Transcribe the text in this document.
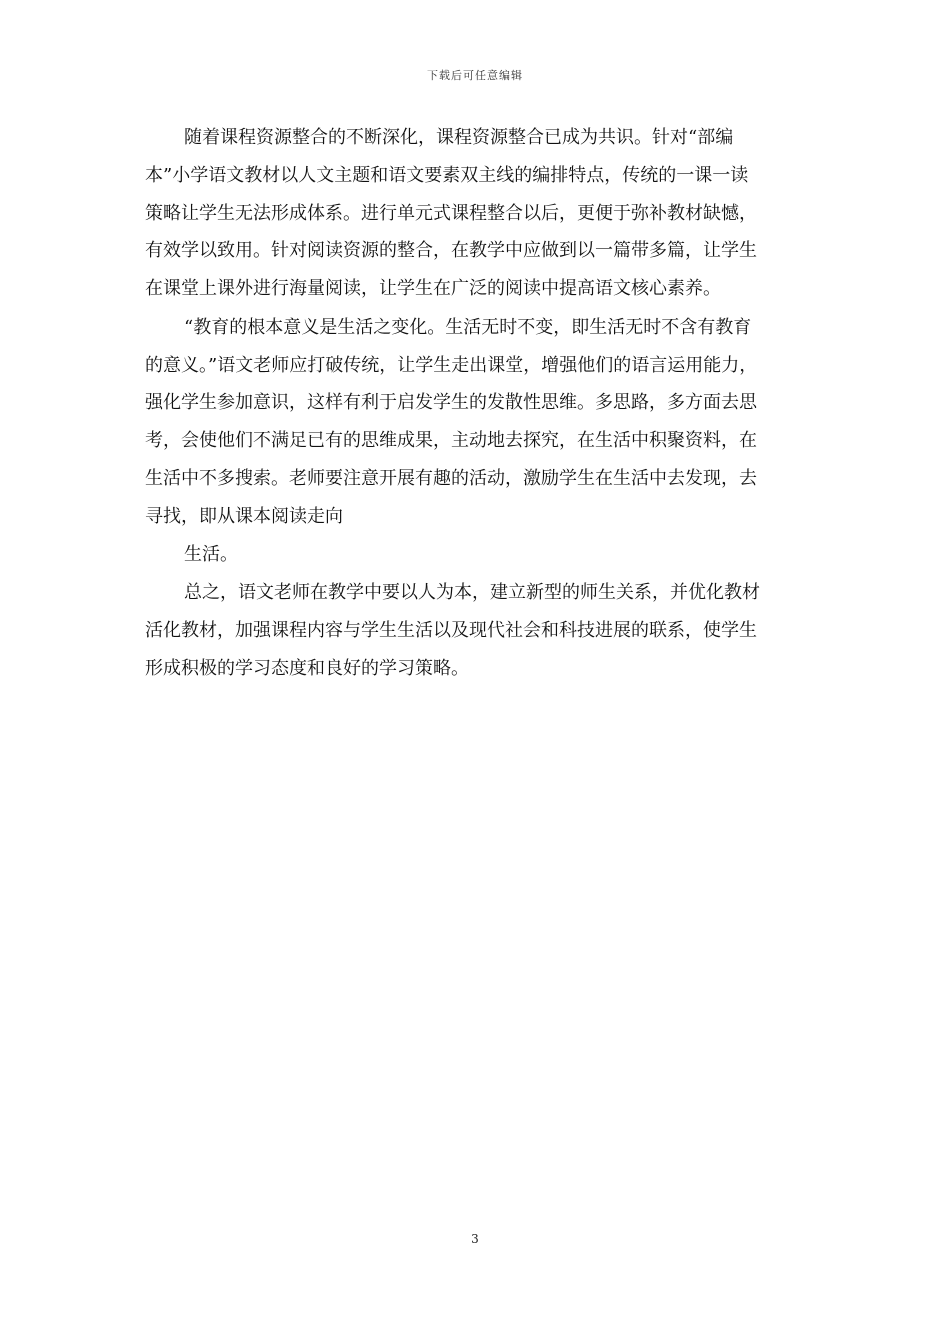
下载后可任意编辑
随着课程资源整合的不断深化，课程资源整合已成为共识。针对“部编
本”小学语文教材以人文主题和语文要素双主线的编排特点，传统的一课一读
策略让学生无法形成体系。进行单元式课程整合以后，更便于弥补教材缺憾，
有效学以致用。针对阅读资源的整合，在教学中应做到以一篇带多篇，让学生
在课堂上课外进行海量阅读，让学生在广泛的阅读中提高语文核心素养。
“教育的根本意义是生活之变化。生活无时不变，即生活无时不含有教育
的意义。”语文老师应打破传统，让学生走出课堂，增强他们的语言运用能力，
强化学生参加意识，这样有利于启发学生的发散性思维。多思路，多方面去思
考，会使他们不满足已有的思维成果，主动地去探究，在生活中积聚资料，在
生活中不多搜索。老师要注意开展有趣的活动，激励学生在生活中去发现，去
寻找，即从课本阅读走向
生活。
总之，语文老师在教学中要以人为本，建立新型的师生关系，并优化教材
活化教材，加强课程内容与学生生活以及现代社会和科技进展的联系，使学生
形成积极的学习态度和良好的学习策略。
3
